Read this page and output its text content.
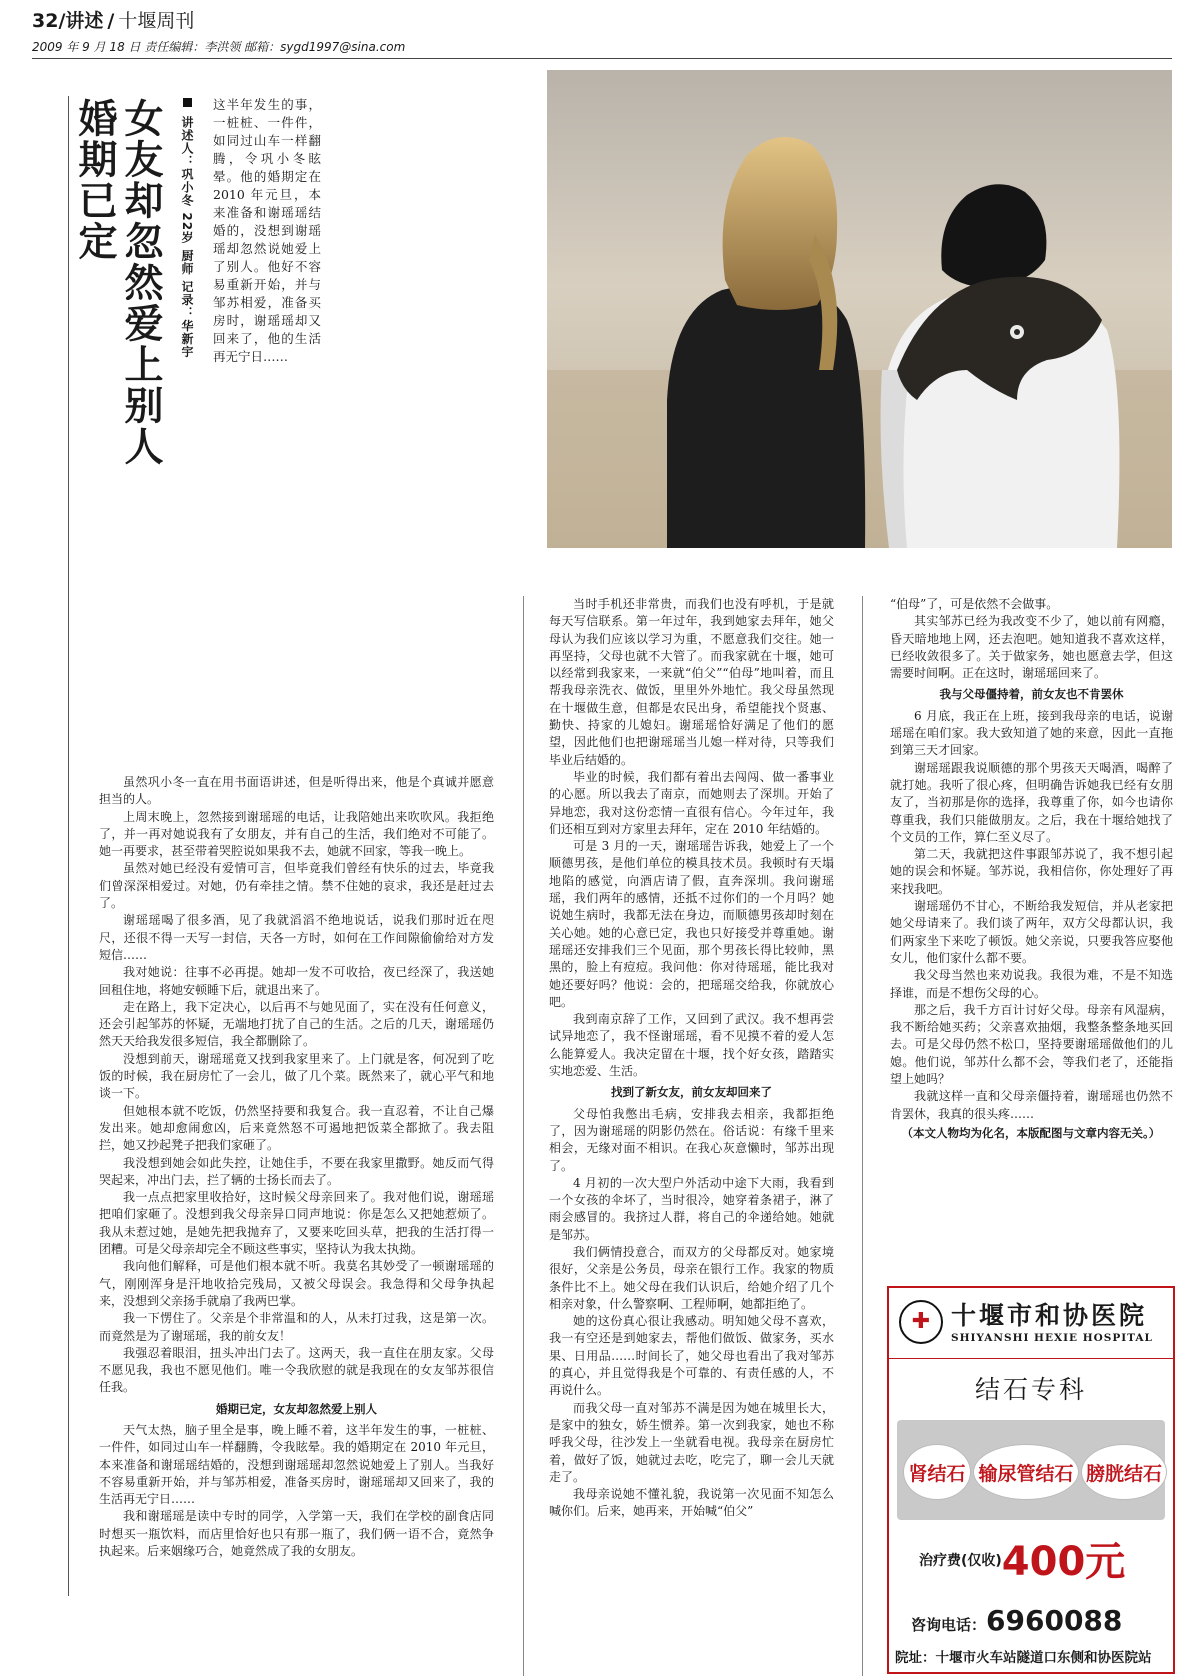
32/讲述 / 十堰周刊
2009 年 9 月 18 日 责任编辑：李洪领 邮箱：sygd1997@sina.com
婚期已定 女友却忽然爱上别人 讲述人：巩小冬 22岁 厨师 记录：华新宇
这半年发生的事，一桩桩、一件件，如同过山车一样翻腾，令巩小冬眩晕。他的婚期定在 2010 年元旦，本来准备和谢瑶瑶结婚的，没想到谢瑶瑶却忽然说她爱上了别人。他好不容易重新开始，并与邹苏相爱，准备买房时，谢瑶瑶却又回来了，他的生活再无宁日……

虽然巩小冬一直在用书面语讲述，但是听得出来，他是个真诚并愿意担当的人。

上周末晚上，忽然接到谢瑶瑶的电话，让我陪她出来吹吹风。我拒绝了，并一再对她说我有了女朋友，并有自己的生活，我们绝对不可能了。她一再要求，甚至带着哭腔说如果我不去，她就不回家，等我一晚上。

虽然对她已经没有爱情可言，但毕竟我们曾经有快乐的过去，毕竟我们曾深深相爱过。对她，仍有牵挂之情。禁不住她的哀求，我还是赶过去了。

谢瑶瑶喝了很多酒，见了我就滔滔不绝地说话，说我们那时近在咫尺，还很不得一天写一封信，天各一方时，如何在工作间隙偷偷给对方发短信……

我对她说：往事不必再提。她却一发不可收拾，夜已经深了，我送她回租住地，将她安顿睡下后，就退出来了。

走在路上，我下定决心，以后再不与她见面了，实在没有任何意义，还会引起邹苏的怀疑，无端地打扰了自己的生活。之后的几天，谢瑶瑶仍然天天给我发很多短信，我全都删除了。

没想到前天，谢瑶瑶竟又找到我家里来了。上门就是客，何况到了吃饭的时候，我在厨房忙了一会儿，做了几个菜。既然来了，就心平气和地谈一下。

但她根本就不吃饭，仍然坚持要和我复合。我一直忍着，不让自己爆发出来。她却愈闹愈凶，后来竟然怒不可遏地把饭菜全都掀了。我去阻拦，她又抄起凳子把我们家砸了。

我没想到她会如此失控，让她住手，不要在我家里撒野。她反而气得哭起来，冲出门去，拦了辆的士扬长而去了。

我一点点把家里收拾好，这时候父母亲回来了。我对他们说，谢瑶瑶把咱们家砸了。没想到我父母亲异口同声地说：你是怎么又把她惹烦了。我从未惹过她，是她先把我抛弃了，又要来吃回头草，把我的生活打得一团糟。可是父母亲却完全不顾这些事实，坚持认为我太执拗。

我向他们解释，可是他们根本就不听。我莫名其妙受了一顿谢瑶瑶的气，刚刚浑身是汗地收拾完残局，又被父母误会。我急得和父母争执起来，没想到父亲扬手就扇了我两巴掌。

我一下愣住了。父亲是个非常温和的人，从未打过我，这是第一次。而竟然是为了谢瑶瑶，我的前女友！

我强忍着眼泪，扭头冲出门去了。这两天，我一直住在朋友家。父母不愿见我，我也不愿见他们。唯一令我欣慰的就是我现在的女友邹苏很信任我。

婚期已定，女友却忽然爱上别人

天气太热，脑子里全是事，晚上睡不着，这半年发生的事，一桩桩、一件件，如同过山车一样翻腾，令我眩晕。我的婚期定在 2010 年元旦，本来准备和谢瑶瑶结婚的，没想到谢瑶瑶却忽然说她爱上了别人。当我好不容易重新开始，并与邹苏相爱，准备买房时，谢瑶瑶却又回来了，我的生活再无宁日……

我和谢瑶瑶是读中专时的同学，入学第一天，我们在学校的副食店同时想买一瓶饮料，而店里恰好也只有那一瓶了，我们俩一语不合，竟然争执起来。后来姻缘巧合，她竟然成了我的女朋友。

当时手机还非常贵，而我们也没有呼机，于是就每天写信联系。第一年过年，我到她家去拜年，她父母认为我们应该以学习为重，不愿意我们交往。她一再坚持，父母也就不大管了。而我家就在十堰，她可以经常到我家来，一来就“伯父”“伯母”地叫着，而且帮我母亲洗衣、做饭，里里外外地忙。我父母虽然现在十堰做生意，但都是农民出身，希望能找个贤惠、勤快、持家的儿媳妇。谢瑶瑶恰好满足了他们的愿望，因此他们也把谢瑶瑶当儿媳一样对待，只等我们毕业后结婚的。

毕业的时候，我们都有着出去闯闯、做一番事业的心愿。所以我去了南京，而她则去了深圳。开始了异地恋，我对这份恋情一直很有信心。今年过年，我们还相互到对方家里去拜年，定在 2010 年结婚的。

可是 3 月的一天，谢瑶瑶告诉我，她爱上了一个顺德男孩，是他们单位的模具技术员。我顿时有天塌地陷的感觉，向酒店请了假，直奔深圳。我问谢瑶瑶，我们两年的感情，还抵不过你们的一个月吗？她说她生病时，我都无法在身边，而顺德男孩却时刻在关心她。她的心意已定，我也只好接受并尊重她。谢瑶瑶还安排我们三个见面，那个男孩长得比较帅，黑黑的，脸上有痘痘。我问他：你对待瑶瑶，能比我对她还要好吗？他说：会的，把瑶瑶交给我，你就放心吧。

我到南京辞了工作，又回到了武汉。我不想再尝试异地恋了，我不怪谢瑶瑶，看不见摸不着的爱人怎么能算爱人。我决定留在十堰，找个好女孩，踏踏实实地恋爱、生活。

找到了新女友，前女友却回来了

父母怕我憋出毛病，安排我去相亲，我都拒绝了，因为谢瑶瑶的阴影仍然在。俗话说：有缘千里来相会，无缘对面不相识。在我心灰意懒时，邹苏出现了。

4 月初的一次大型户外活动中途下大雨，我看到一个女孩的伞坏了，当时很冷，她穿着条裙子，淋了雨会感冒的。我挤过人群，将自己的伞递给她。她就是邹苏。

我们俩情投意合，而双方的父母都反对。她家境很好，父亲是公务员，母亲在银行工作。我家的物质条件比不上。她父母在我们认识后，给她介绍了几个相亲对象，什么警察啊、工程师啊，她都拒绝了。

她的这份真心很让我感动。明知她父母不喜欢，我一有空还是到她家去，帮他们做饭、做家务，买水果、日用品……时间长了，她父母也看出了我对邹苏的真心，并且觉得我是个可靠的、有责任感的人，不再说什么。

而我父母一直对邹苏不满是因为她在城里长大，是家中的独女，娇生惯养。第一次到我家，她也不称呼我父母，往沙发上一坐就看电视。我母亲在厨房忙着，做好了饭，她就过去吃，吃完了，聊一会儿天就走了。

我母亲说她不懂礼貌，我说第一次见面不知怎么喊你们。后来，她再来，开始喊“伯父”

“伯母”了，可是依然不会做事。

其实邹苏已经为我改变不少了，她以前有网瘾，昏天暗地地上网，还去泡吧。她知道我不喜欢这样，已经收敛很多了。关于做家务，她也愿意去学，但这需要时间啊。正在这时，谢瑶瑶回来了。

我与父母僵持着，前女友也不肯罢休

6 月底，我正在上班，接到我母亲的电话，说谢瑶瑶在咱们家。我大致知道了她的来意，因此一直拖到第三天才回家。

谢瑶瑶跟我说顺德的那个男孩天天喝酒，喝醉了就打她。我听了很心疼，但明确告诉她我已经有女朋友了，当初那是你的选择，我尊重了你，如今也请你尊重我，我们只能做朋友。之后，我在十堰给她找了个文员的工作，算仁至义尽了。

第二天，我就把这件事跟邹苏说了，我不想引起她的误会和怀疑。邹苏说，我相信你，你处理好了再来找我吧。

谢瑶瑶仍不甘心，不断给我发短信，并从老家把她父母请来了。我们谈了两年，双方父母都认识，我们两家坐下来吃了顿饭。她父亲说，只要我答应娶他女儿，他们家什么都不要。

我父母当然也来劝说我。我很为难，不是不知选择谁，而是不想伤父母的心。

那之后，我千方百计讨好父母。母亲有风湿病，我不断给她买药；父亲喜欢抽烟，我整条整条地买回去。可是父母仍然不松口，坚持要谢瑶瑶做他们的儿媳。他们说，邹苏什么都不会，等我们老了，还能指望上她吗？

我就这样一直和父母亲僵持着，谢瑶瑶也仍然不肯罢休，我真的很头疼……

（本文人物均为化名，本版配图与文章内容无关。）

✚ 十堰市和协医院
SHIYANSHI HEXIE HOSPITAL
结石专科
肾结石 输尿管结石 膀胱结石
治疗费(仅收)400元
咨询电话：6960088
院址：十堰市火车站隧道口东侧和协医院站
